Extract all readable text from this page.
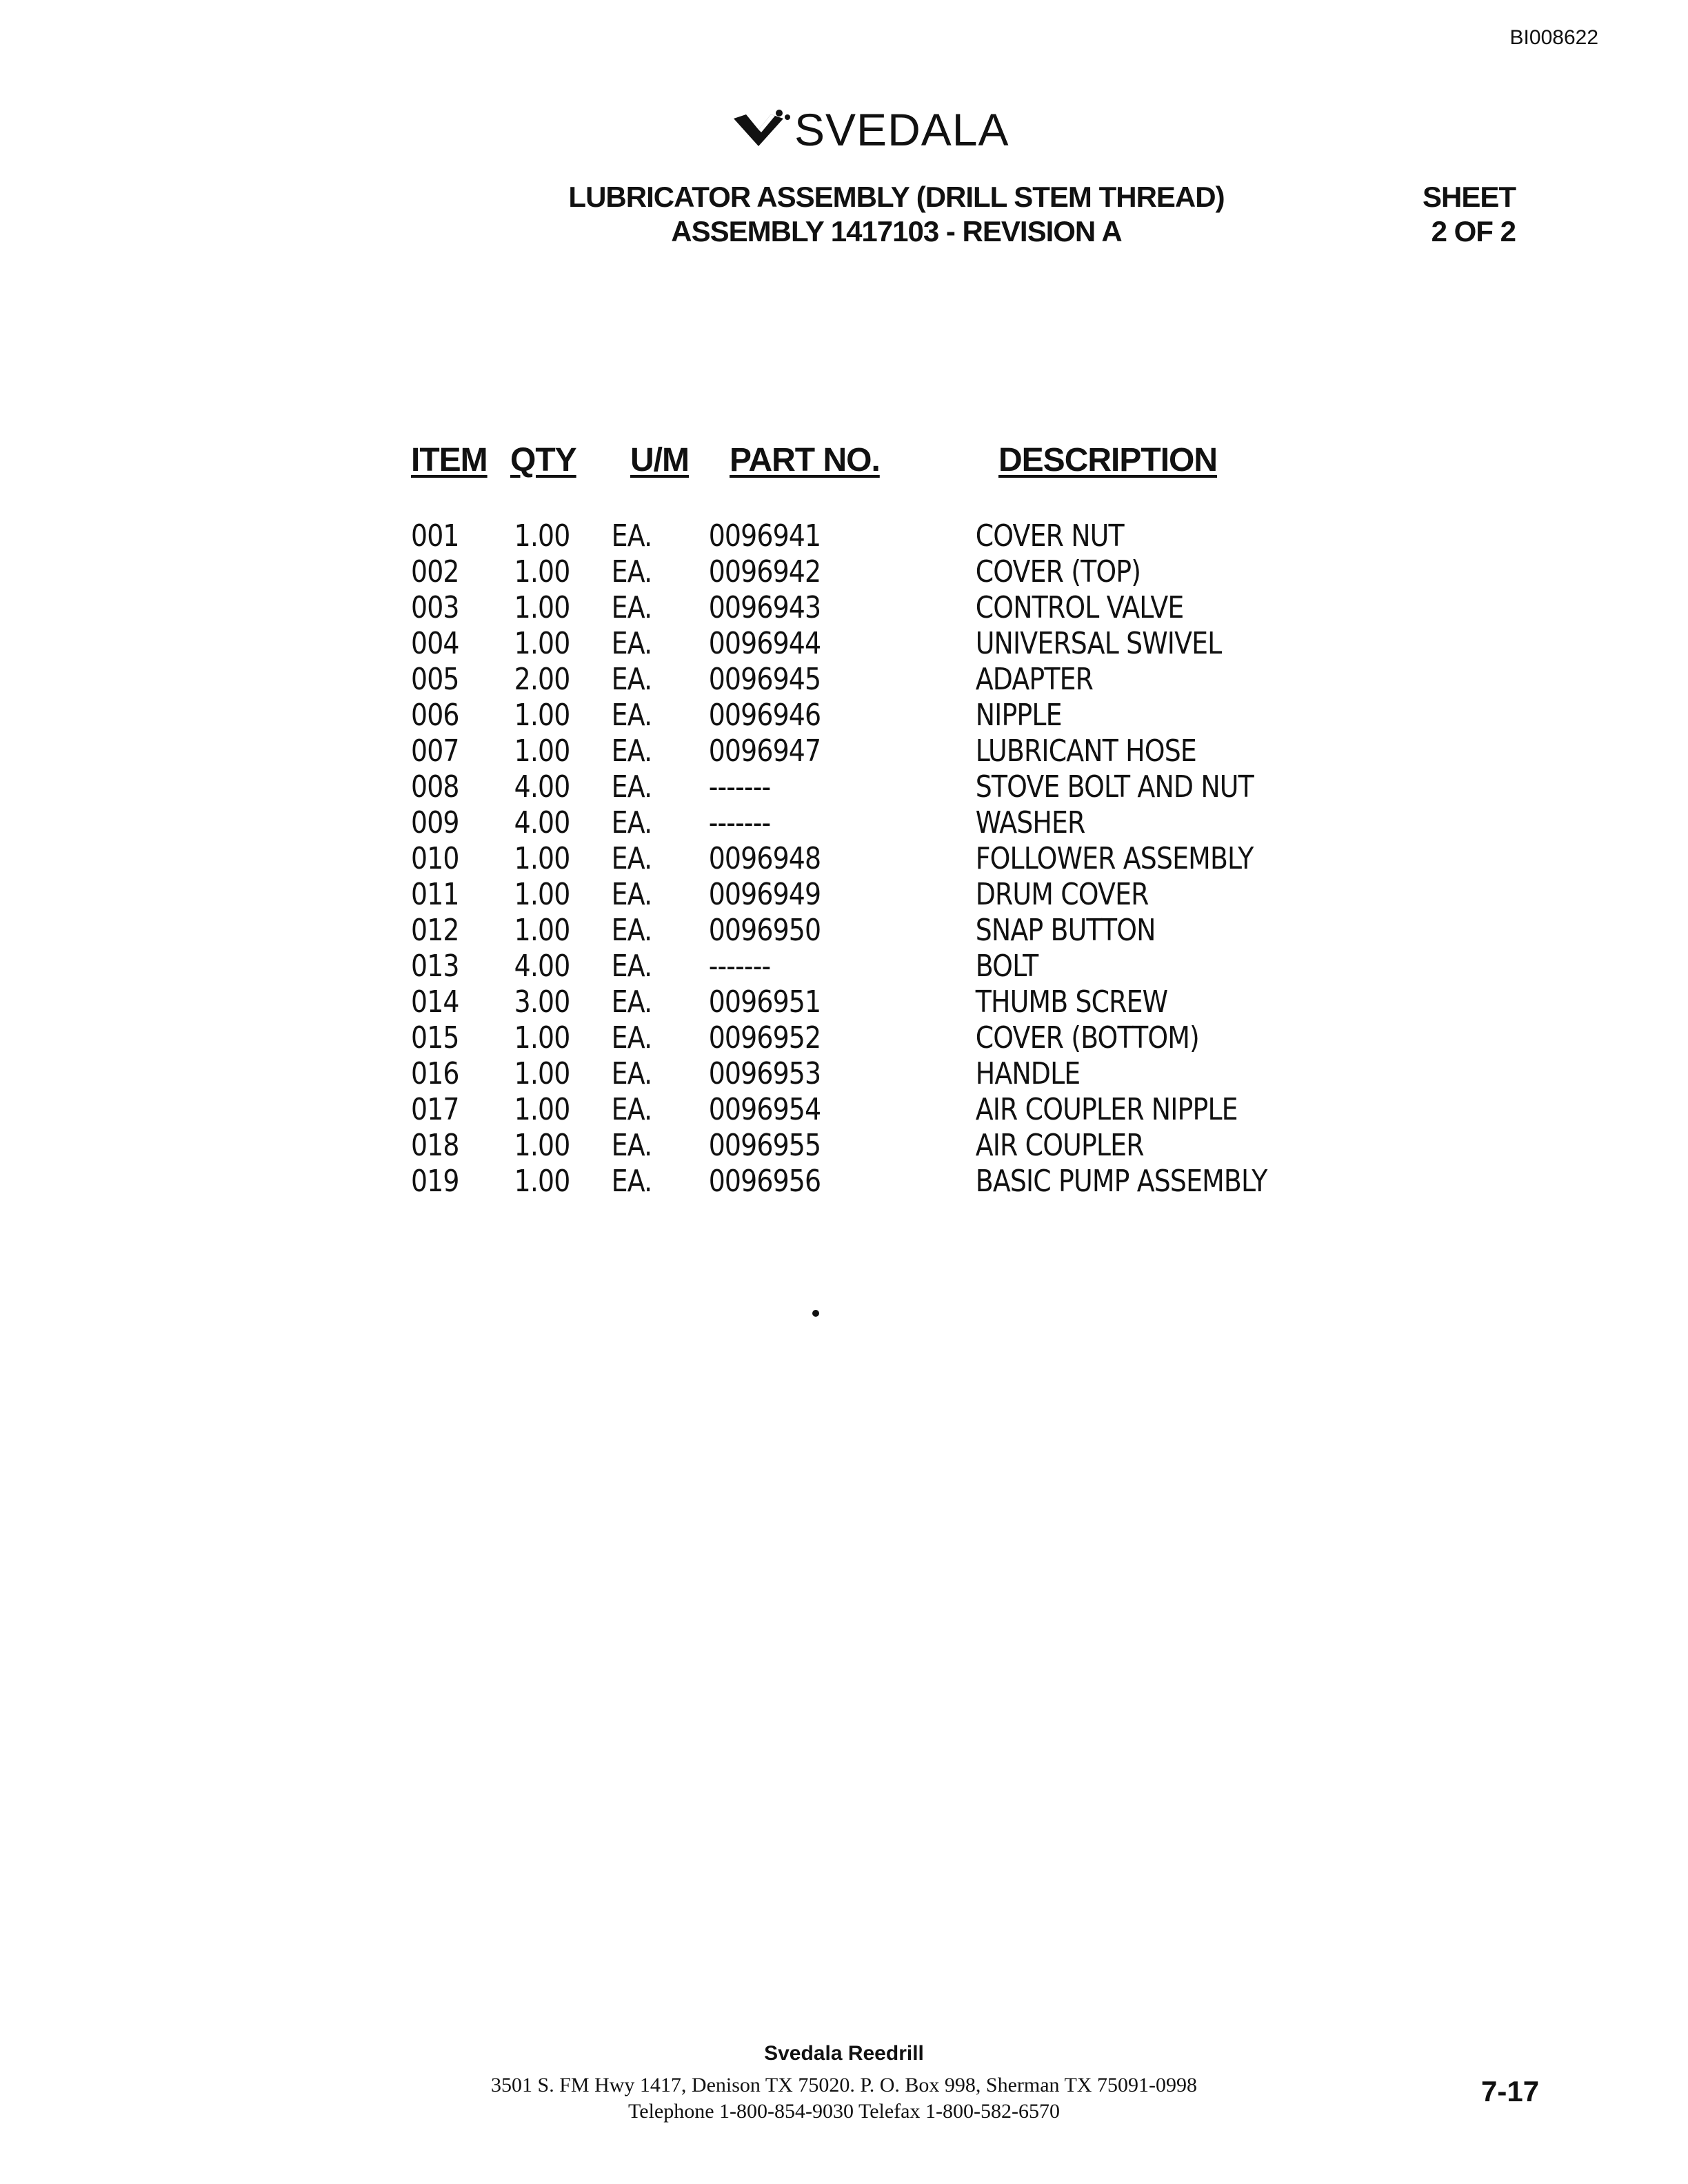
BI008622
SVEDALA
LUBRICATOR ASSEMBLY (DRILL STEM THREAD)
ASSEMBLY 1417103 - REVISION A
SHEET
2 OF 2
ITEM QTY U/M PART NO.	DESCRIPTION
001 1.00 EA. 0096941	COVER NUT
002 1.00 EA. 0096942	COVER (TOP)
003 1.00 EA. 0096943	CONTROL VALVE
004 1.00 EA. 0096944	UNIVERSAL SWIVEL
005 2.00 EA. 0096945	ADAPTER
006 1.00 EA. 0096946	NIPPLE
007 1.00 EA. 0096947	LUBRICANT HOSE
008 4.00 EA. -------	STOVE BOLT AND NUT
009 4.00 EA. -------	WASHER
010 1.00 EA. 0096948	FOLLOWER ASSEMBLY
011 1.00 EA. 0096949	DRUM COVER
012 1.00 EA. 0096950	SNAP BUTTON
013 4.00 EA. -------	BOLT
014 3.00 EA. 0096951	THUMB SCREW
015 1.00 EA. 0096952	COVER (BOTTOM)
016 1.00 EA. 0096953	HANDLE
017 1.00 EA. 0096954	AIR COUPLER NIPPLE
018 1.00 EA. 0096955	AIR COUPLER
019 1.00 EA. 0096956	BASIC PUMP ASSEMBLY
Svedala Reedrill
3501 S. FM Hwy 1417, Denison TX 75020. P. O. Box 998, Sherman TX 75091-0998
Telephone 1-800-854-9030 Telefax 1-800-582-6570
7-17
